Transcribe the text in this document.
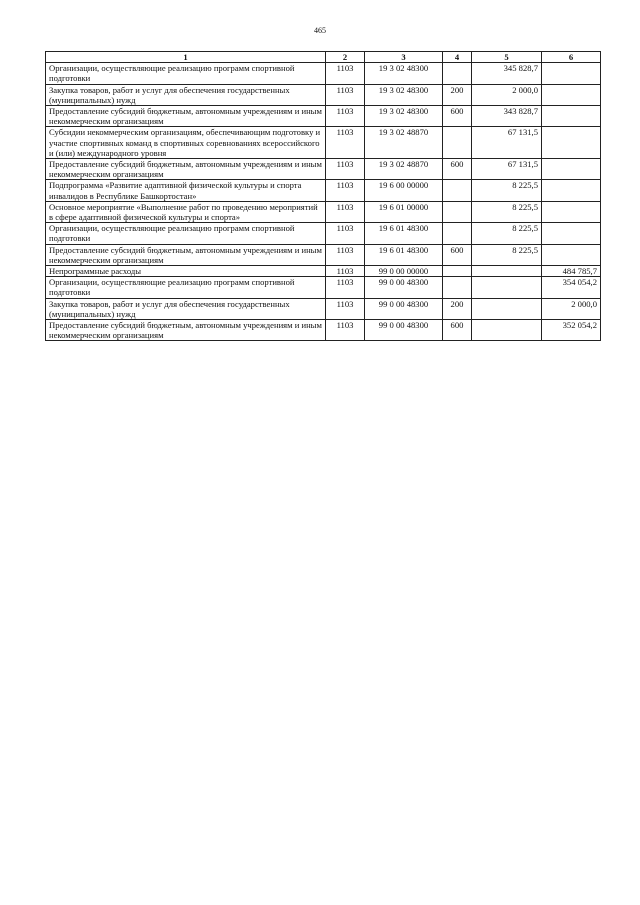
465
1	2	3	4	5	6
Организации, осуществляющие реализацию программ спортивной подготовки	1103	19 3 02 48300		345 828,7	
Закупка товаров, работ и услуг для обеспечения государственных (муниципальных) нужд	1103	19 3 02 48300	200	2 000,0	
Предоставление субсидий бюджетным, автономным учреждениям и иным некоммерческим организациям	1103	19 3 02 48300	600	343 828,7	
Субсидии некоммерческим организациям, обеспечивающим подготовку и участие спортивных команд в спортивных соревнованиях всероссийского и (или) международного уровня	1103	19 3 02 48870		67 131,5	
Предоставление субсидий бюджетным, автономным учреждениям и иным некоммерческим организациям	1103	19 3 02 48870	600	67 131,5	
Подпрограмма «Развитие адаптивной физической культуры и спорта инвалидов в Республике Башкортостан»	1103	19 6 00 00000		8 225,5	
Основное мероприятие «Выполнение работ по проведению мероприятий в сфере адаптивной физической культуры и спорта»	1103	19 6 01 00000		8 225,5	
Организации, осуществляющие реализацию программ спортивной подготовки	1103	19 6 01 48300		8 225,5	
Предоставление субсидий бюджетным, автономным учреждениям и иным некоммерческим организациям	1103	19 6 01 48300	600	8 225,5	
Непрограммные расходы	1103	99 0 00 00000			484 785,7
Организации, осуществляющие реализацию программ спортивной подготовки	1103	99 0 00 48300			354 054,2
Закупка товаров, работ и услуг для обеспечения государственных (муниципальных) нужд	1103	99 0 00 48300	200		2 000,0
Предоставление субсидий бюджетным, автономным учреждениям и иным некоммерческим организациям	1103	99 0 00 48300	600		352 054,2
